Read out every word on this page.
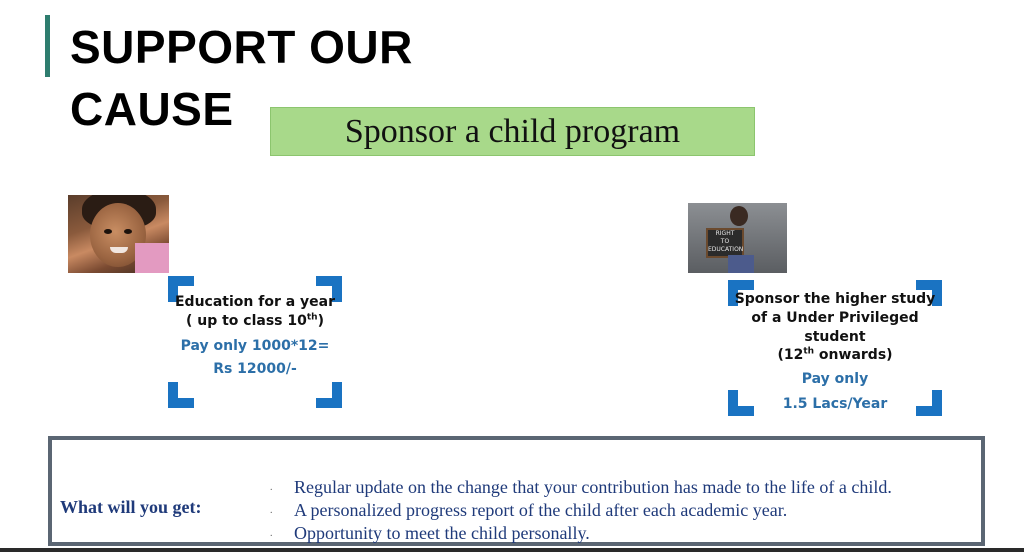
SUPPORT OUR
CAUSE	Sponsor a child program
RIGHT
TO
EDUCATION
Education for a year
( up to class 10th)
Pay only 1000*12=
Rs 12000/-
Sponsor the higher study
of a Under Privileged
student
(12th onwards)
Pay only
1.5 Lacs/Year
What will you get:
. Regular update on the change that your contribution has made to the life of a child.
. A personalized progress report of the child after each academic year.
. Opportunity to meet the child personally.
